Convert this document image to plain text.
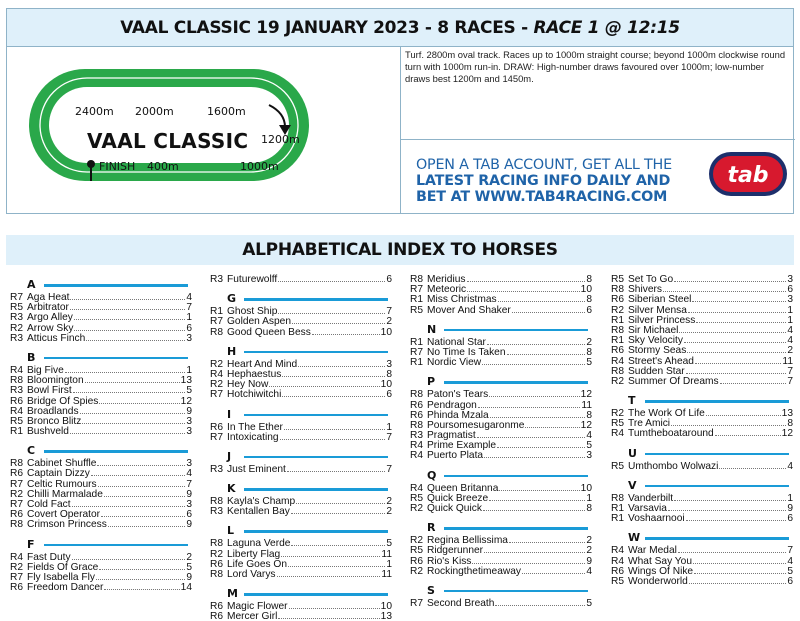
VAAL CLASSIC 19 JANUARY 2023 - 8 RACES - RACE 1 @ 12:15
2400m 2000m	1600m
1200m
FINISH 400m	1000m
VAAL CLASSIC
Turf. 2800m oval track. Races up to 1000m straight course; beyond 1000m clockwise round turn with 1000m run-in. DRAW: High-number draws favoured over 1000m; low-number draws best 1200m and 1450m.
OPEN A TAB ACCOUNT, GET ALL THE
LATEST RACING INFO DAILY AND
BET AT WWW.TAB4RACING.COM
tab
ALPHABETICAL INDEX TO HORSES
A
R7 Aga Heat	4
R5 Arbitrator	7
R3 Argo Alley	1
R2 Arrow Sky	6
R3 Atticus Finch	3
B
R4 Big Five	1
R8 Bloomington	13
R3 Bowl First	5
R6 Bridge Of Spies	12
R4 Broadlands	9
R5 Bronco Blitz	3
R1 Bushveld	3
C
R8 Cabinet Shuffle	3
R6 Captain Dizzy	4
R7 Celtic Rumours	7
R2 Chilli Marmalade	9
R7 Cold Fact	3
R6 Covert Operator	6
R8 Crimson Princess	9
F
R4 Fast Duty	2
R2 Fields Of Grace	5
R7 Fly Isabella Fly	9
R6 Freedom Dancer	14
R3 Futurewolff	6
G
R1 Ghost Ship	7
R7 Golden Aspen	2
R8 Good Queen Bess	10
H
R2 Heart And Mind	3
R4 Hephaestus	8
R2 Hey Now	10
R7 Hotchiwitchi	6
I
R6 In The Ether	1
R7 Intoxicating	7
J
R3 Just Eminent	7
K
R8 Kayla's Champ	2
R3 Kentallen Bay	2
L
R8 Laguna Verde	5
R2 Liberty Flag	11
R6 Life Goes On	1
R8 Lord Varys	11
M
R6 Magic Flower	10
R6 Mercer Girl	13
R8 Meridius	8
R7 Meteoric	10
R1 Miss Christmas	8
R5 Mover And Shaker	6
N
R1 National Star	2
R7 No Time Is Taken	8
R1 Nordic View	5
P
R8 Paton's Tears	12
R6 Pendragon	11
R6 Phinda Mzala	8
R8 Poursomesugaronme	12
R3 Pragmatist	4
R4 Prime Example	5
R4 Puerto Plata	3
Q
R4 Queen Britanna	10
R5 Quick Breeze	1
R2 Quick Quick	8
R
R2 Regina Bellissima	2
R5 Ridgerunner	2
R6 Rio's Kiss	9
R2 Rockingthetimeaway	4
S
R7 Second Breath	5
R5 Set To Go	3
R8 Shivers	6
R6 Siberian Steel	3
R2 Silver Mensa	1
R1 Silver Princess	1
R8 Sir Michael	4
R1 Sky Velocity	4
R6 Stormy Seas	2
R4 Street's Ahead	11
R8 Sudden Star	7
R2 Summer Of Dreams	7
T
R2 The Work Of Life	13
R5 Tre Amici	8
R4 Tumtheboataround	12
U
R5 Umthombo Wolwazi	4
V
R8 Vanderbilt	1
R1 Varsavia	9
R1 Voshaarnooi	6
W
R4 War Medal	7
R4 What Say You	4
R6 Wings Of Nike	5
R5 Wonderworld	6
